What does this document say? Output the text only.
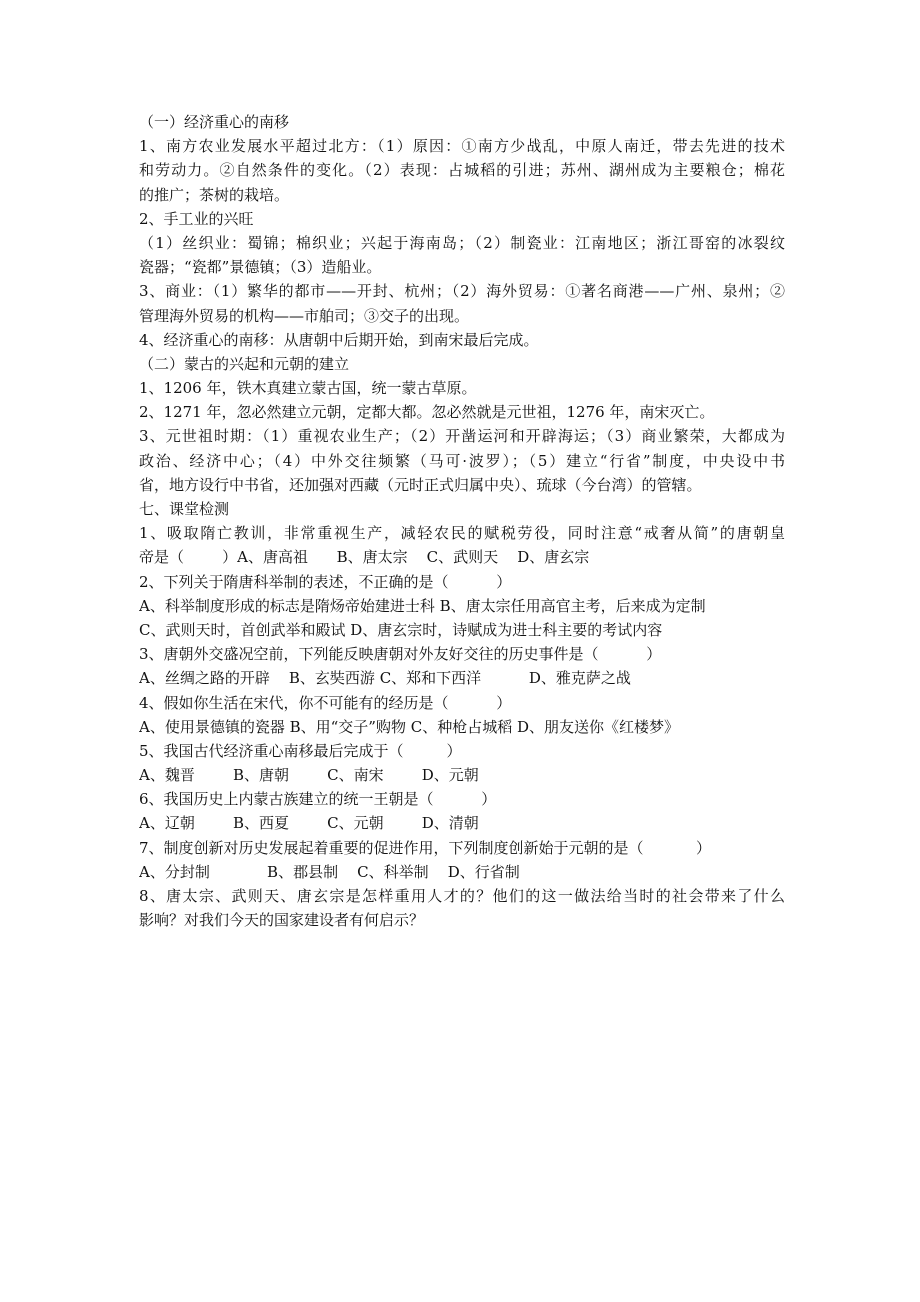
（一）经济重心的南移
1、南方农业发展水平超过北方：（1）原因：①南方少战乱，中原人南迁，带去先进的技术
和劳动力。②自然条件的变化。（2）表现：占城稻的引进；苏州、湖州成为主要粮仓；棉花
的推广；茶树的栽培。
2、手工业的兴旺
（1）丝织业：蜀锦；棉织业；兴起于海南岛；（2）制瓷业：江南地区；浙江哥窑的冰裂纹
瓷器；“瓷都”景德镇；（3）造船业。
3、商业：（1）繁华的都市——开封、杭州；（2）海外贸易：①著名商港——广州、泉州；②
管理海外贸易的机构——市舶司；③交子的出现。
4、经济重心的南移：从唐朝中后期开始，到南宋最后完成。
（二）蒙古的兴起和元朝的建立
1、1206 年，铁木真建立蒙古国，统一蒙古草原。
2、1271 年，忽必然建立元朝，定都大都。忽必然就是元世祖，1276 年，南宋灭亡。
3、元世祖时期：（1）重视农业生产；（2）开凿运河和开辟海运；（3）商业繁荣，大都成为
政治、经济中心；（4）中外交往频繁（马可·波罗）；（5）建立“行省”制度，中央设中书
省，地方设行中书省，还加强对西藏（元时正式归属中央）、琉球（今台湾）的管辖。
七、课堂检测
1、吸取隋亡教训，非常重视生产，减轻农民的赋税劳役，同时注意“戒奢从简”的唐朝皇
帝是（        ）A、唐高祖      B、唐太宗    C、武则天    D、唐玄宗
2、下列关于隋唐科举制的表述，不正确的是（          ）
A、科举制度形成的标志是隋炀帝始建进士科 B、唐太宗任用高官主考，后来成为定制
C、武则天时，首创武举和殿试 D、唐玄宗时，诗赋成为进士科主要的考试内容
3、唐朝外交盛况空前，下列能反映唐朝对外友好交往的历史事件是（          ）
A、丝绸之路的开辟    B、玄奘西游 C、郑和下西洋          D、雅克萨之战
4、假如你生活在宋代，你不可能有的经历是（          ）
A、使用景德镇的瓷器 B、用“交子”购物 C、种枪占城稻 D、朋友送你《红楼梦》
5、我国古代经济重心南移最后完成于（         ）
A、魏晋        B、唐朝        C、南宋        D、元朝
6、我国历史上内蒙古族建立的统一王朝是（          ）
A、辽朝        B、西夏        C、元朝        D、清朝
7、制度创新对历史发展起着重要的促进作用，下列制度创新始于元朝的是（           ）
A、分封制            B、郡县制    C、科举制    D、行省制
8、唐太宗、武则天、唐玄宗是怎样重用人才的？他们的这一做法给当时的社会带来了什么
影响？对我们今天的国家建设者有何启示？
